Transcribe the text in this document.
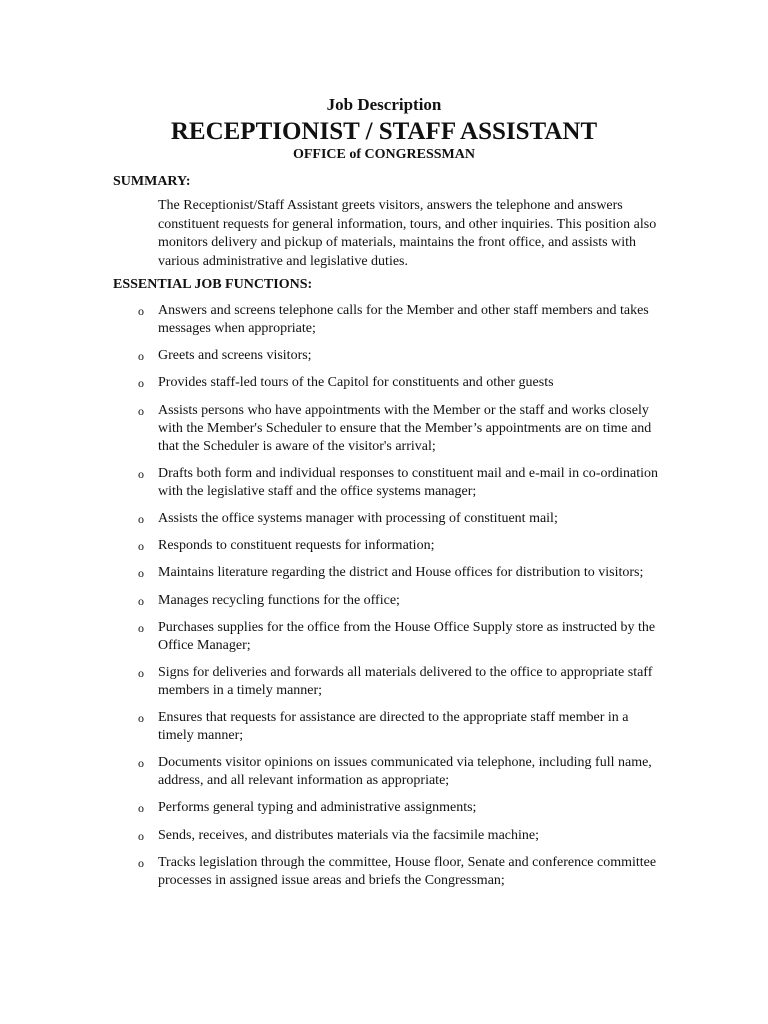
Job Description
RECEPTIONIST / STAFF ASSISTANT
OFFICE of CONGRESSMAN

SUMMARY:

The Receptionist/Staff Assistant greets visitors, answers the telephone and answers constituent requests for general information, tours, and other inquiries. This position also monitors delivery and pickup of materials, maintains the front office, and assists with various administrative and legislative duties.

ESSENTIAL JOB FUNCTIONS:

o Answers and screens telephone calls for the Member and other staff members and takes messages when appropriate;
o Greets and screens visitors;
o Provides staff-led tours of the Capitol for constituents and other guests
o Assists persons who have appointments with the Member or the staff and works closely with the Member's Scheduler to ensure that the Member’s appointments are on time and that the Scheduler is aware of the visitor's arrival;
o Drafts both form and individual responses to constituent mail and e-mail in co-ordination with the legislative staff and the office systems manager;
o Assists the office systems manager with processing of constituent mail;
o Responds to constituent requests for information;
o Maintains literature regarding the district and House offices for distribution to visitors;
o Manages recycling functions for the office;
o Purchases supplies for the office from the House Office Supply store as instructed by the Office Manager;
o Signs for deliveries and forwards all materials delivered to the office to appropriate staff members in a timely manner;
o Ensures that requests for assistance are directed to the appropriate staff member in a timely manner;
o Documents visitor opinions on issues communicated via telephone, including full name, address, and all relevant information as appropriate;
o Performs general typing and administrative assignments;
o Sends, receives, and distributes materials via the facsimile machine;
o Tracks legislation through the committee, House floor, Senate and conference committee processes in assigned issue areas and briefs the Congressman;
